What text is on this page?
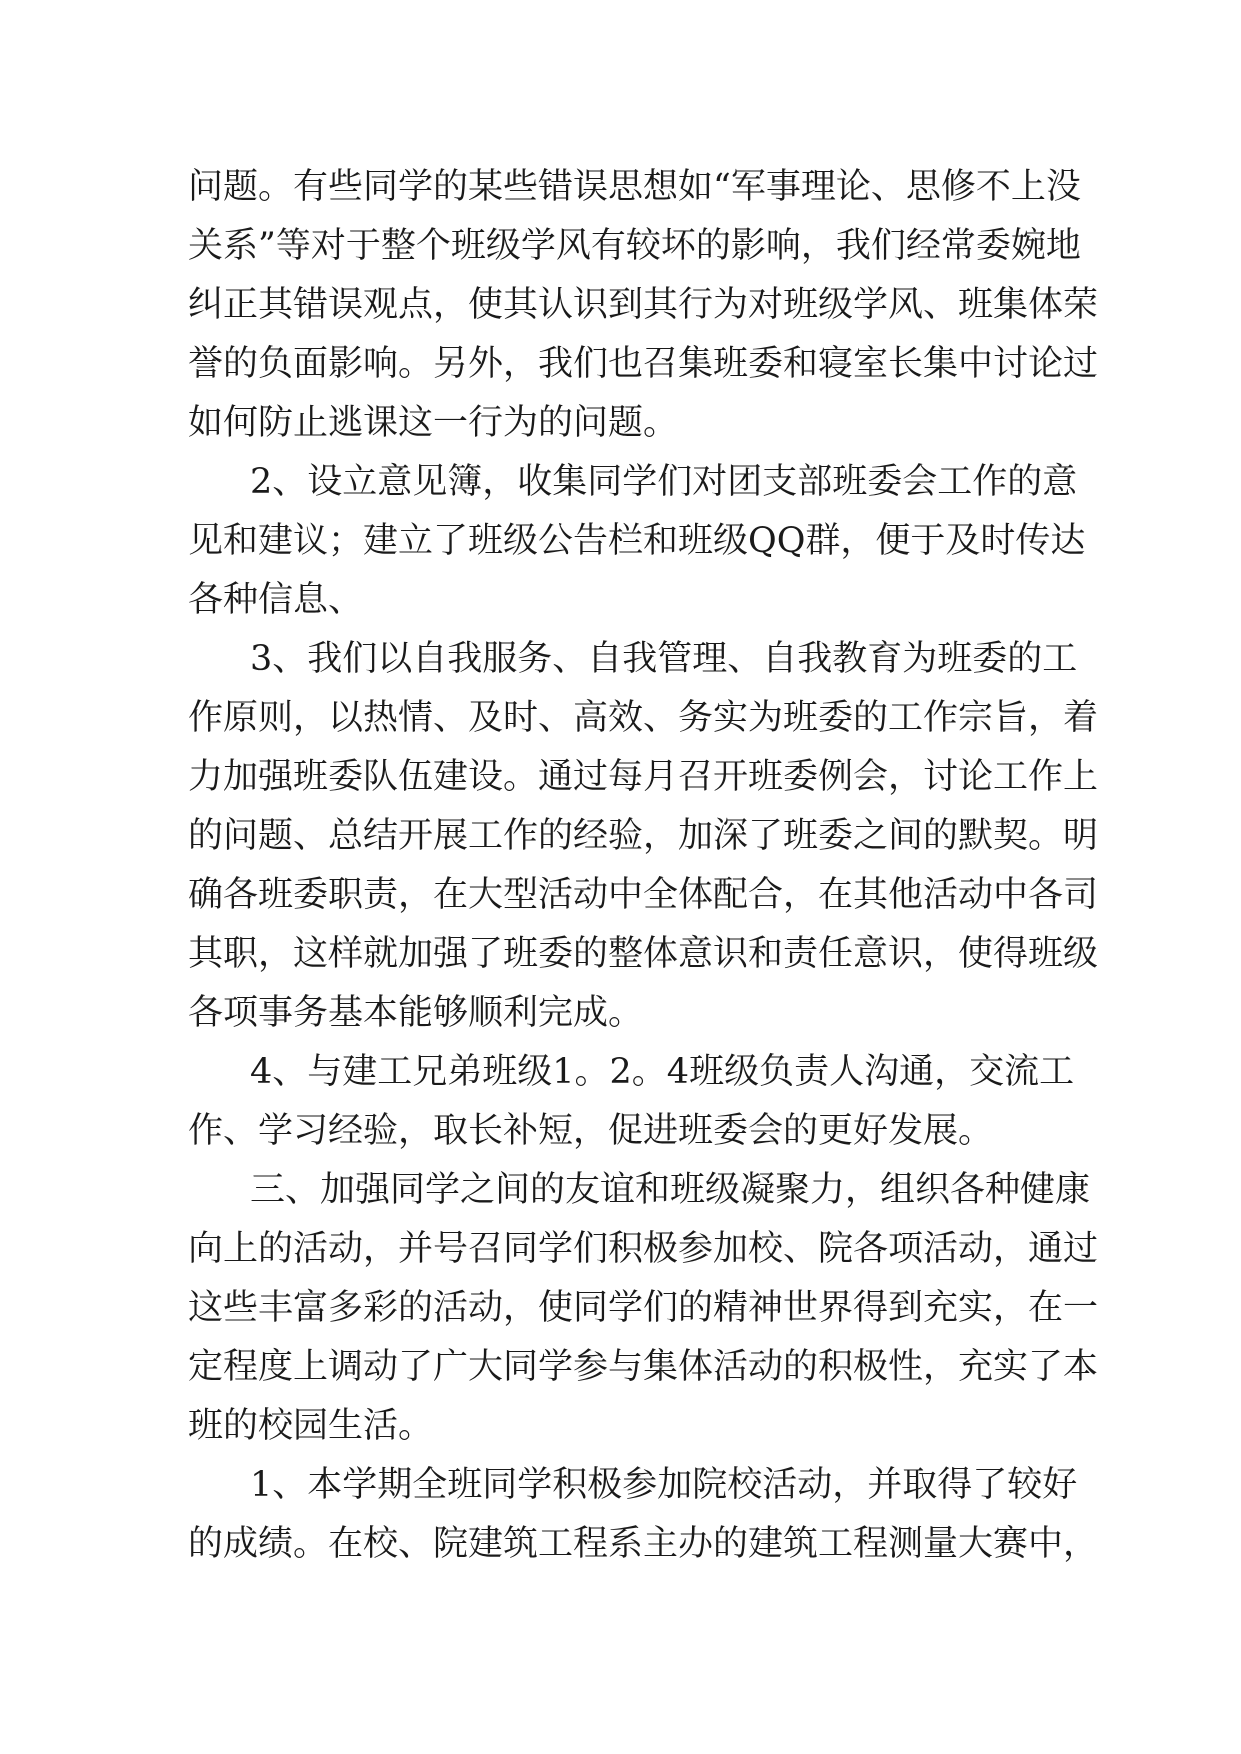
问题。有些同学的某些错误思想如“军事理论、思修不上没
关系”等对于整个班级学风有较坏的影响，我们经常委婉地
纠正其错误观点，使其认识到其行为对班级学风、班集体荣
誉的负面影响。另外，我们也召集班委和寝室长集中讨论过
如何防止逃课这一行为的问题。
2、设立意见簿，收集同学们对团支部班委会工作的意
见和建议；建立了班级公告栏和班级QQ群，便于及时传达
各种信息、
3、我们以自我服务、自我管理、自我教育为班委的工
作原则，以热情、及时、高效、务实为班委的工作宗旨，着
力加强班委队伍建设。通过每月召开班委例会，讨论工作上
的问题、总结开展工作的经验，加深了班委之间的默契。明
确各班委职责，在大型活动中全体配合，在其他活动中各司
其职，这样就加强了班委的整体意识和责任意识，使得班级
各项事务基本能够顺利完成。
4、与建工兄弟班级1。2。4班级负责人沟通，交流工
作、学习经验，取长补短，促进班委会的更好发展。
三、加强同学之间的友谊和班级凝聚力，组织各种健康
向上的活动，并号召同学们积极参加校、院各项活动，通过
这些丰富多彩的活动，使同学们的精神世界得到充实，在一
定程度上调动了广大同学参与集体活动的积极性，充实了本
班的校园生活。
1、本学期全班同学积极参加院校活动，并取得了较好
的成绩。在校、院建筑工程系主办的建筑工程测量大赛中，
